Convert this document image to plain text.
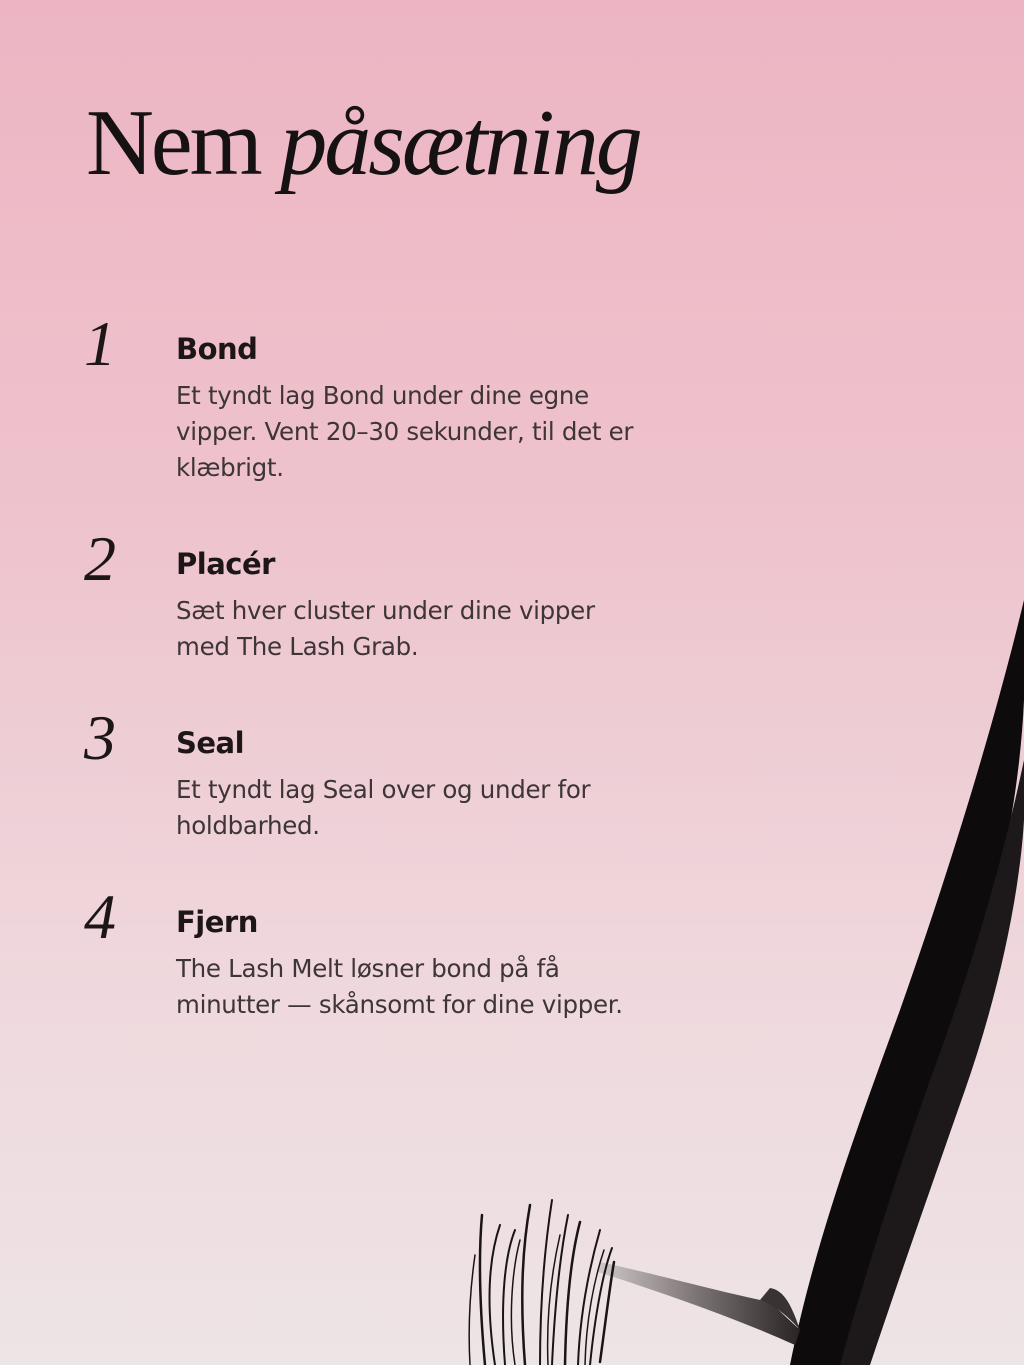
Nem påsætning
1 Bond

Et tyndt lag Bond under dine egne vipper. Vent 20–30 sekunder, til det er klæbrigt.

2 Placér

Sæt hver cluster under dine vipper med The Lash Grab.

3 Seal

Et tyndt lag Seal over og under for holdbarhed.

4 Fjern

The Lash Melt løsner bond på få minutter — skånsomt for dine vipper.
